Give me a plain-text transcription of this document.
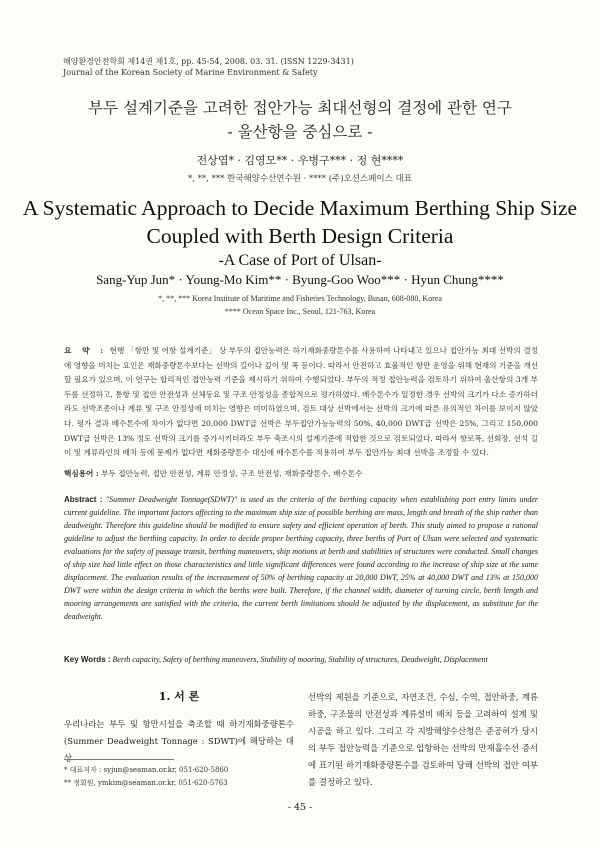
해양환경안전학회 제14권 제1호, pp. 45-54, 2008. 03. 31. (ISSN 1229-3431)
Journal of the Korean Society of Marine Environment & Safety
부두 설계기준을 고려한 접안가능 최대선형의 결정에 관한 연구
- 울산항을 중심으로 -
전상엽* · 김영모** · 우병구*** · 정 현****
*, **, *** 한국해양수산연수원 · **** (주)오션스페이스 대표
A Systematic Approach to Decide Maximum Berthing Ship Size
Coupled with Berth Design Criteria
-A Case of Port of Ulsan-
Sang-Yup Jun* · Young-Mo Kim** · Byung-Goo Woo*** · Hyun Chung****
*, **, *** Korea Institute of Maritime and Fisheries Technology, Busan, 608-080, Korea
**** Ocean Space Inc., Seoul, 121-763, Korea
요 약 : 현행 「항만 및 어항 설계기준」 상 부두의 접안능력은 하기재화중량톤수를 사용하여 나타내고 있으나 접안가능 최대 선박의 결정에 영향을 미치는 요인은 재화중량톤수보다는 선박의 길이나 깊이 및 폭 등이다. 따라서 안전하고 효율적인 항만 운영을 위해 현재의 기준을 개선할 필요가 있으며, 이 연구는 합리적인 접안능력 기준을 제시하기 위하여 수행되었다. 부두의 적정 접안능력을 검토하기 위하여 울산항의 3개 부두를 선정하고, 통항 및 접안 안전성과 선체동요 및 구조 안정성을 종합적으로 평가하였다. 배수톤수가 일정한 경우 선박의 크기가 다소 증가하더라도 선박조종이나 계류 및 구조 안정성에 미치는 영향은 미미하였으며, 검토 대상 선박에서는 선박의 크기에 따른 유의적인 차이를 보이지 않았다. 평가 결과 배수톤수에 차이가 없다면 20,000 DWT급 선박은 부두접안가능능력의 50%, 40,000 DWT급 선박은 25%, 그리고 150,000 DWT급 선박은 13% 정도 선박의 크기를 증가시키더라도 부두 축조시의 설계기준에 적합한 것으로 검토되었다. 따라서 항로폭, 선회장, 선석 길이 및 계류라인의 배치 등에 문제가 없다면 재화중량톤수 대신에 배수톤수를 적용하여 부두 접안가능 최대 선박을 조정할 수 있다.
핵심용어 : 부두 접안능력, 접안 안전성, 계류 안정성, 구조 안전성, 재화중량톤수, 배수톤수
Abstract : "Summer Deadweight Tonnage(SDWT)" is used as the criteria of the berthing capacity when establishing port entry limits under current guideline. The important factors affecting to the maximum ship size of possible berthing are mass, length and breath of the ship rather than deadweight. Therefore this guideline should be modified to ensure safety and efficient operation of berth. This study aimed to propose a rational guideline to adjust the berthing capacity. In order to decide proper berthing capacity, three berths of Port of Ulsan were selected and systematic evaluations for the safety of passage transit, berthing maneuvers, ship motions at berth and stabilities of structures were conducted. Small changes of ship size had little effect on those characteristics and little significant differences were found according to the increase of ship size at the same displacement. The evaluation results of the increasement of 50% of berthing capacity at 20,000 DWT, 25% at 40,000 DWT and 13% at 150,000 DWT were within the design criteria in which the berths were built. Therefore, if the channel width, diameter of turning circle, berth length and mooring arrangements are satisfied with the criteria, the current berth limitations should be adjusted by the displacement, as substitute for the deadweight.
Key Words : Berth capacity, Safety of berthing maneuvers, Stability of mooring, Stability of structures, Deadweight, Displacement
1. 서 론
우리나라는 부두 및 항만시설을 축조할 때 하기재화중량톤수(Summer Deadweight Tonnage : SDWT)에 해당하는 대상
선박의 제원을 기준으로, 자연조건, 수심, 수역, 접안하중, 계류하중, 구조물의 안전성과 계류설비 배치 등을 고려하여 설계 및 시공을 하고 있다. 그리고 각 지방해양수산청은 준공허가 당시의 부두 접안능력을 기준으로 입항하는 선박의 만재흘수선 증서에 표기된 하기재화중량톤수를 검토하여 당해 선박의 접안 여부를 결정하고 있다.
* 대표저자 : syjun@seaman.or.kr, 051-620-5860
** 정회원, ymkim@seaman.or.kr, 051-620-5763
- 45 -
